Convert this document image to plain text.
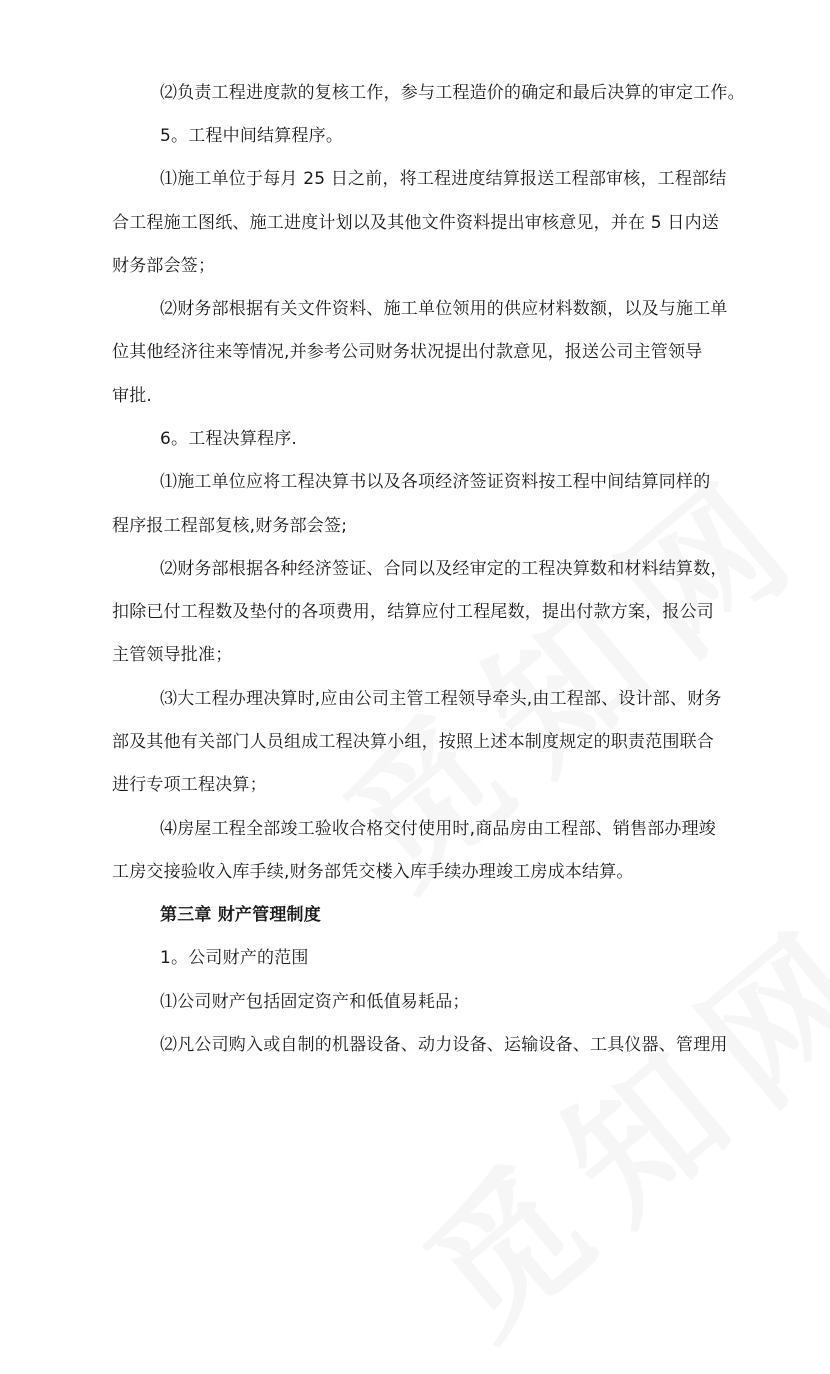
⑵负责工程进度款的复核工作，参与工程造价的确定和最后决算的审定工作。
5。工程中间结算程序。
⑴施工单位于每月 25 日之前，将工程进度结算报送工程部审核，工程部结
合工程施工图纸、施工进度计划以及其他文件资料提出审核意见，并在 5 日内送
财务部会签；
⑵财务部根据有关文件资料、施工单位领用的供应材料数额，以及与施工单
位其他经济往来等情况,并参考公司财务状况提出付款意见，报送公司主管领导
审批.
6。工程决算程序.
⑴施工单位应将工程决算书以及各项经济签证资料按工程中间结算同样的
程序报工程部复核,财务部会签;
⑵财务部根据各种经济签证、合同以及经审定的工程决算数和材料结算数，
扣除已付工程数及垫付的各项费用，结算应付工程尾数，提出付款方案，报公司
主管领导批准；
⑶大工程办理决算时,应由公司主管工程领导牵头,由工程部、设计部、财务
部及其他有关部门人员组成工程决算小组，按照上述本制度规定的职责范围联合
进行专项工程决算；
⑷房屋工程全部竣工验收合格交付使用时,商品房由工程部、销售部办理竣
工房交接验收入库手续,财务部凭交楼入库手续办理竣工房成本结算。
第三章 财产管理制度
1。公司财产的范围
⑴公司财产包括固定资产和低值易耗品；
⑵凡公司购入或自制的机器设备、动力设备、运输设备、工具仪器、管理用
